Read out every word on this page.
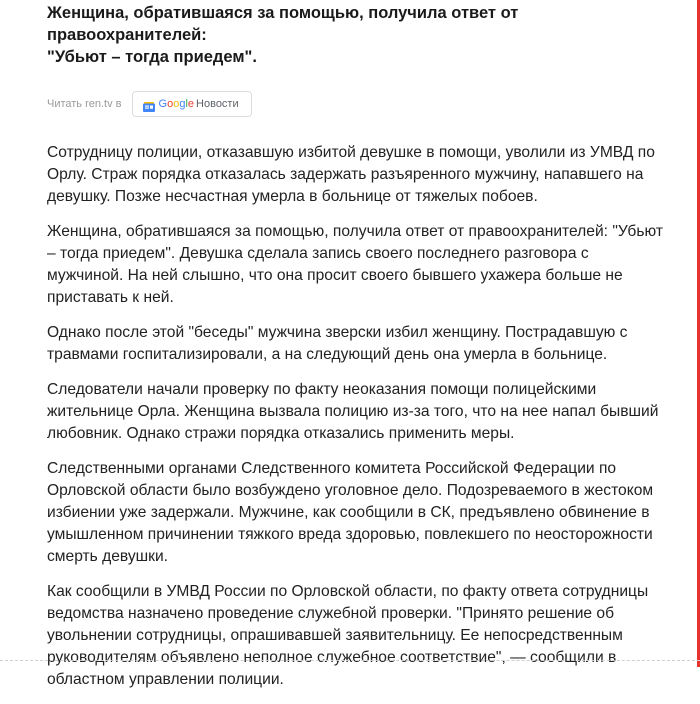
Женщина, обратившаяся за помощью, получила ответ от правоохранителей:
"Убьют – тогда приедем".
Читать ren.tv в	Google Новости

Сотрудницу полиции, отказавшую избитой девушке в помощи, уволили из УМВД по Орлу. Страж порядка отказалась задержать разъяренного мужчину, напавшего на девушку. Позже несчастная умерла в больнице от тяжелых побоев.

Женщина, обратившаяся за помощью, получила ответ от правоохранителей: "Убьют – тогда приедем". Девушка сделала запись своего последнего разговора с мужчиной. На ней слышно, что она просит своего бывшего ухажера больше не приставать к ней.

Однако после этой "беседы" мужчина зверски избил женщину. Пострадавшую с травмами госпитализировали, а на следующий день она умерла в больнице.

Следователи начали проверку по факту неоказания помощи полицейскими жительнице Орла. Женщина вызвала полицию из-за того, что на нее напал бывший любовник. Однако стражи порядка отказались применить меры.

Следственными органами Следственного комитета Российской Федерации по Орловской области было возбуждено уголовное дело. Подозреваемого в жестоком избиении уже задержали. Мужчине, как сообщили в СК, предъявлено обвинение в умышленном причинении тяжкого вреда здоровью, повлекшего по неосторожности смерть девушки.

Как сообщили в УМВД России по Орловской области, по факту ответа сотрудницы ведомства назначено проведение служебной проверки. "Принято решение об увольнении сотрудницы, опрашивавшей заявительницу. Ее непосредственным руководителям объявлено неполное служебное соответствие", — сообщили в областном управлении полиции.
